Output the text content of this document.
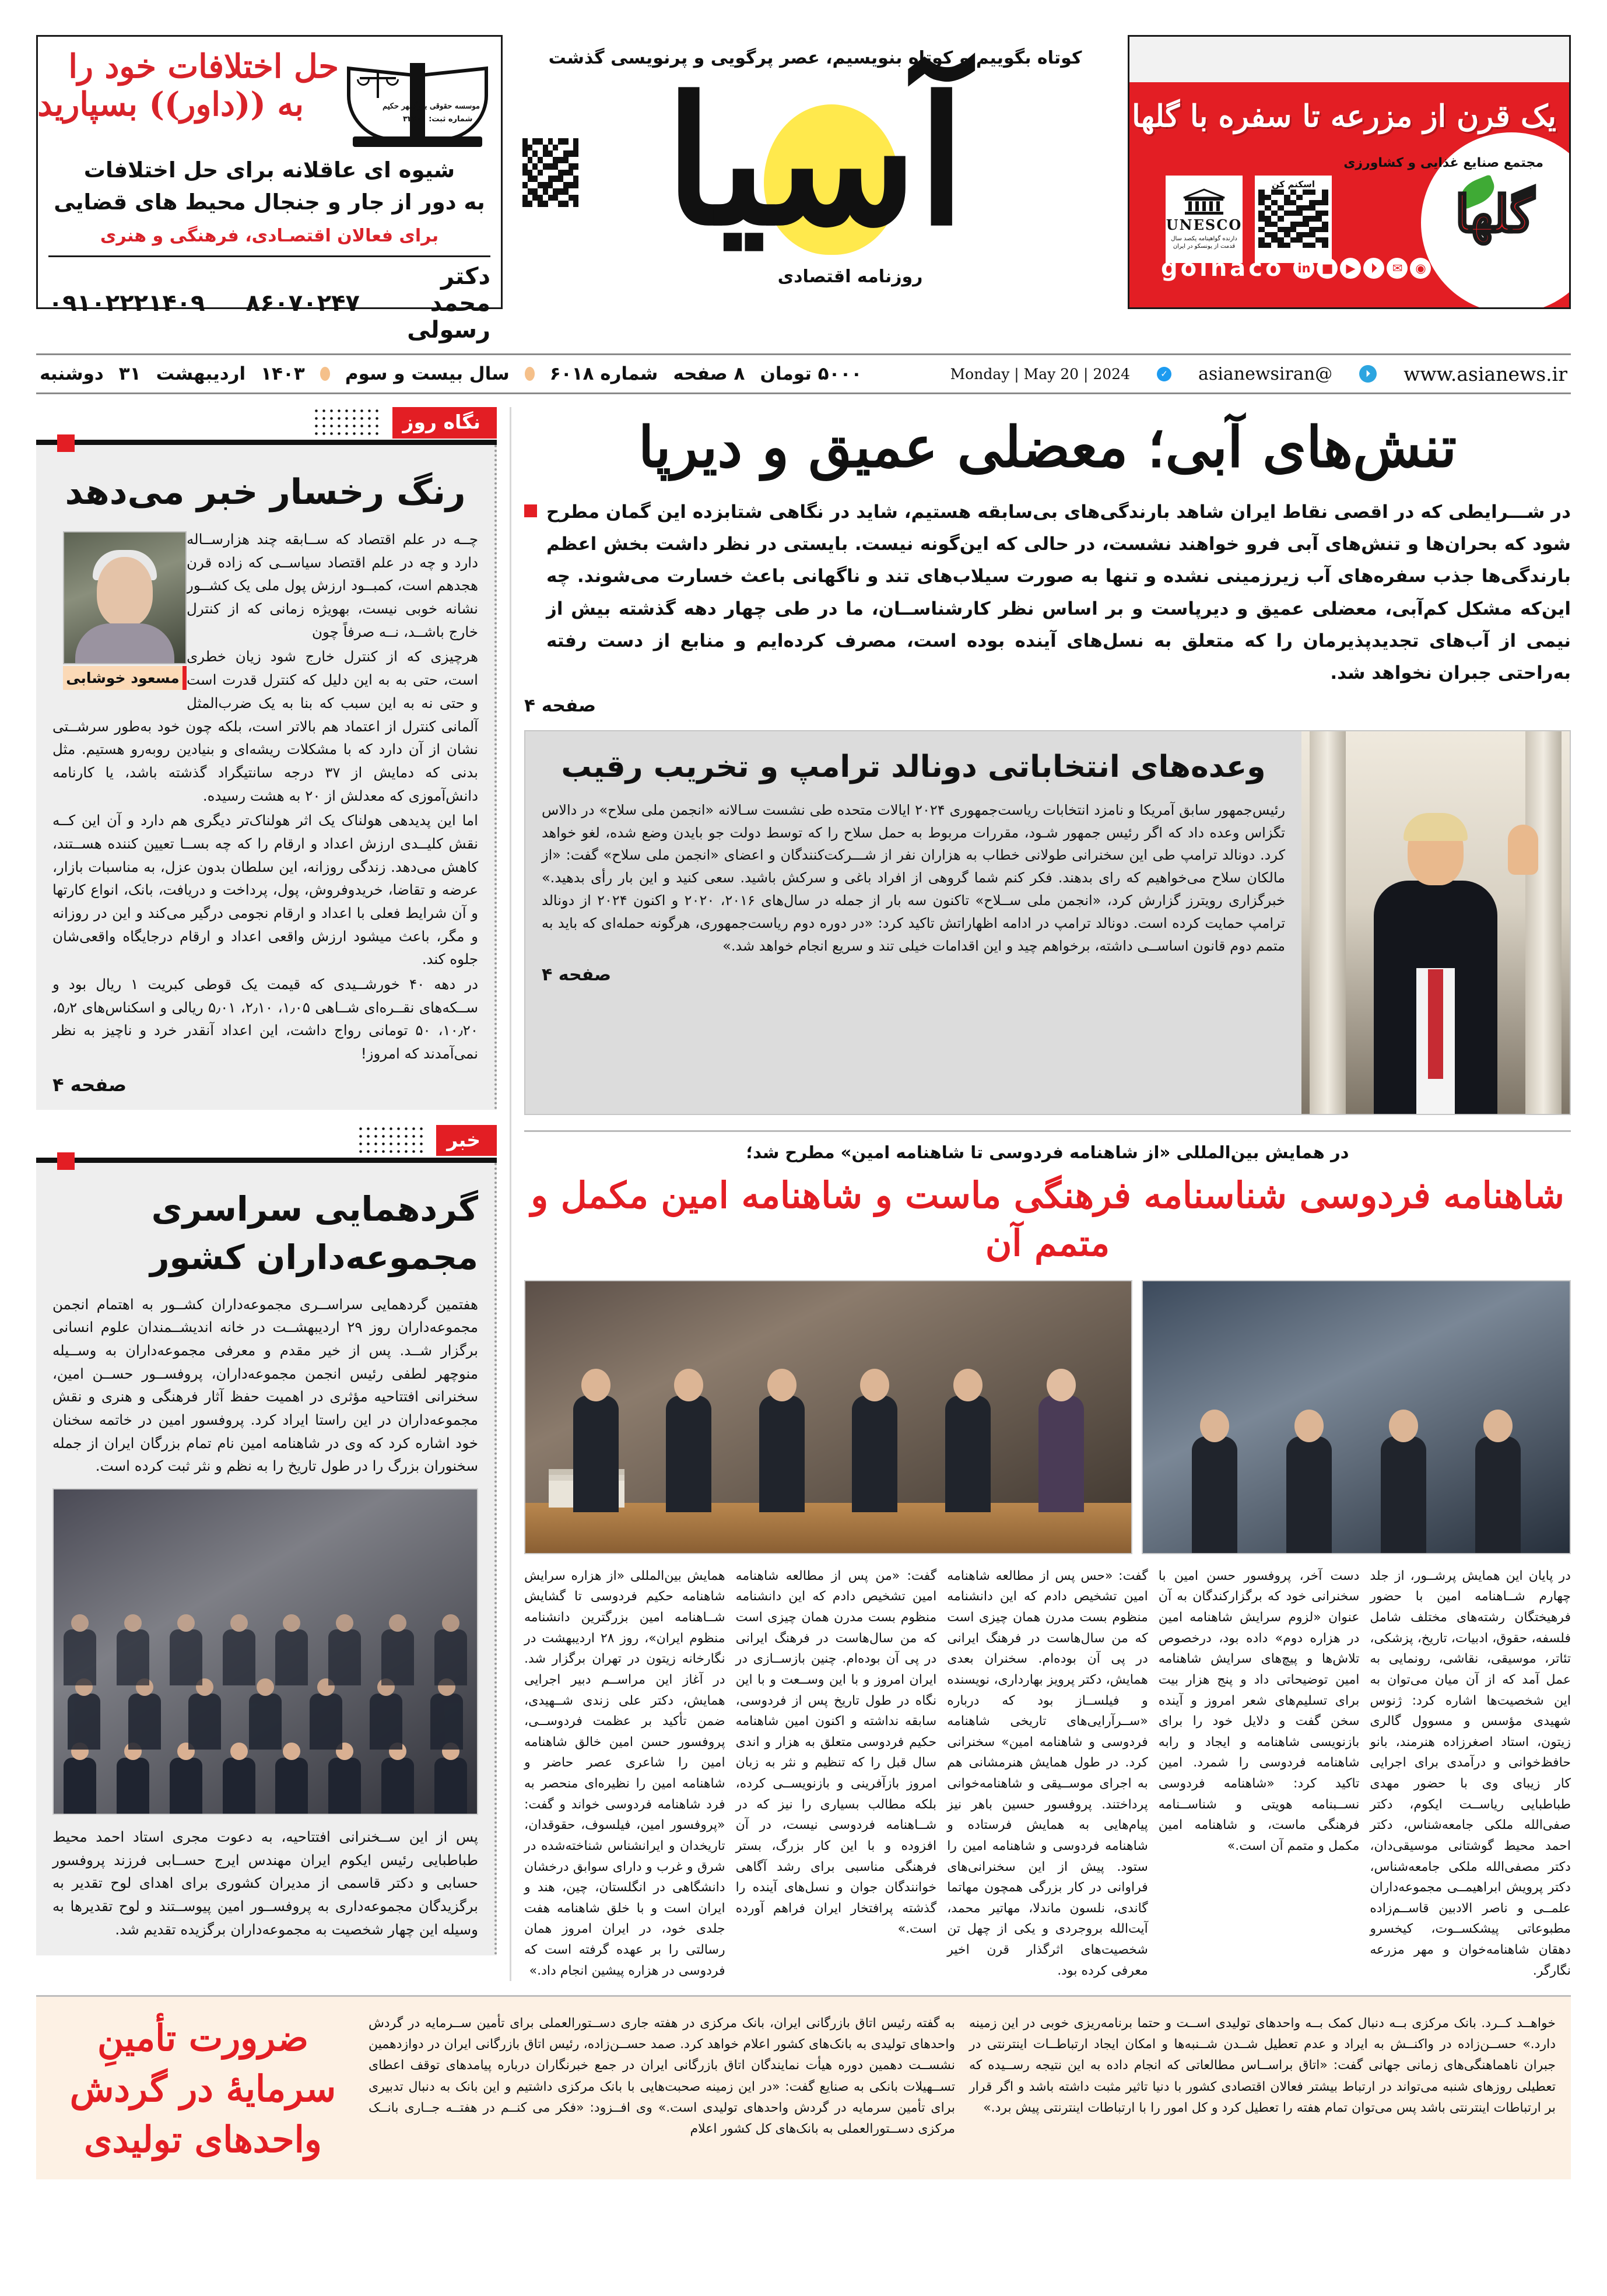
موسسه حقوقی بزرگمهر حکیم
شماره ثبت: ۳۲۶۰۱
حل اختلافات خود را
به ((داور)) بسپارید
شیوه ای عاقلانه برای حل اختلافات
به دور از جار و جنجال محیط های قضایی
برای فعالان اقتصـادی، فرهنگی و هنری
دکتر محمد رسولی
۸۶۰۷۰۲۴۷
۰۹۱۰۲۲۲۱۴۰۹
کوتاه بگوییم و کوتاه بنویسیم، عصر پرگویی و پرنویسی گذشت
آسیا
روزنامه اقتصادی
یک قرن از مزرعه تا سفره با گلها
مجتمع صنایع غذایی و کشاورزی
گلها
اسکنم کن
UNESCO
دارنده گواهینامه یکصد سال قدمت از یونسکو در ایران
◉
✉
⏵
▶
■
in
golhaco
دوشنبه ۳۱ اردیبهشت ۱۴۰۳ سال بیست و سوم شماره ۶۰۱۸ ۸ صفحه ۵۰۰۰ تومان	www.asianews.ir
⏵
@asianewsiran
✓
Monday | May 20 | 2024
نگاه روز
رنگ رخسار خبر می‌دهد
مسعود خوشابی

چــه در علم اقتصاد که ســابقه چند هزارســاله دارد و چه در علم اقتصاد سیاســی که زاده قرن هجدهم است، کمبــود ارزش پول ملی یک کشــور نشانه خوبی نیست، بهویژه زمانی که از کنترل خارج باشــد، نــه صرفاً چون

هرچیزی که از کنترل خارج شود زیان خطری است، حتی به به این دلیل که کنترل قدرت است و حتی نه به این سبب که بنا به یک ضرب‌المثل آلمانی کنترل از اعتماد هم بالاتر است، بلکه چون خود به‌طور سرشــتی نشان از آن دارد که با مشکلات ریشه‌ای و بنیادین روبه‌رو هستیم. مثل بدنی که دمایش از ۳۷ درجه سانتیگراد گذشته باشد، یا کارنامه دانش‌آموزی که معدلش از ۲۰ به هشت رسیده.

اما این پدیدهی هولناک یک اثر هولناک‌تر دیگری هم دارد و آن این کــه نقش کلیــدی ارزش اعداد و ارقام را که چه بســا تعیین کننده هســتند، کاهش می‌دهد. زندگی روزانه، این سلطان بدون عزل، به مناسبات بازار، عرضه و تقاضا، خریدوفروش، پول، پرداخت و دریافت، بانک، انواع کارتها و آن شرایط فعلی با اعداد و ارقام نجومی درگیر می‌کند و این در روزانه و مگر، باعث میشود ارزش واقعی اعداد و ارقام درجایگاه واقعی‌شان جلوه کند.

در دهه ۴۰ خورشــیدی که قیمت یک قوطی کبریت ۱ ریال بود و ســکه‌های نقــره‌ای شــاهی ۱٫۰۵، ۲٫۱۰، ۵٫۰۱ ریالی و اسکناس‌های ۵٫۲، ۱۰٫۲۰، ۵۰ تومانی رواج داشت، این اعداد آنقدر خرد و ناچیز به نظر نمی‌آمدند که امروز!

صفحه ۴
خبر
گردهمایی سراسری
مجموعه‌داران کشور
هفتمین گردهمایی سراســری مجموعه‌داران کشــور به اهتمام انجمن مجموعه‌داران روز ۲۹ اردیبهشــت در خانه اندیشــمندان علوم انسانی برگزار شــد. پس از خیر مقدم و معرفی مجموعه‌داران به وســیله منوچهر لطفی رئیس انجمن مجموعه‌داران، پروفســور حســن امین، سخنرانی افتتاحیه مؤثری در اهمیت حفظ آثار فرهنگی و هنری و نقش مجموعه‌داران در این راستا ایراد کرد. پروفسور امین در خاتمه سخنان خود اشاره کرد که وی در شاهنامه امین نام تمام بزرگان ایران از جمله سخنوران بزرگ را در طول تاریخ را به نظم و نثر ثبت کرده است.
پس از این ســخنرانی افتتاحیه، به دعوت مجری استاد احمد محیط طباطبایی رئیس ایکوم ایران مهندس ایرج حســابی فرزند پروفسور حسابی و دکتر قاسمی از مدیران کشوری برای اهدای لوح تقدیر به برگزیدگان مجموعه‌داری به پروفســور امین پیوســتند و لوح تقدیرها به وسیله این چهار شخصیت به مجموعه‌داران برگزیده تقدیم شد.
تنش‌های آبی؛ معضلی عمیق و دیرپا

در شـــرایطی که در اقصی نقاط ایران شاهد بارندگی‌های بی‌سابقه هستیم، شاید در نگاهی شتابزده این گمان مطرح شود که بحران‌ها و تنش‌های آبی فرو خواهند نشست، در حالی که این‌گونه نیست. بایستی در نظر داشت بخش اعظم بارندگی‌ها جذب سفره‌های آب زیرزمینی نشده و تنها به صورت سیلاب‌های تند و ناگهانی باعث خسارت می‌شوند. چه این‌که مشکل کم‌آبی، معضلی عمیق و دیرپاست و بر اساس نظر کارشناســان، ما در طی چهار دهه گذشته بیش از نیمی از آب‌های تجدیدپذیرمان را که متعلق به نسل‌های آینده بوده است، مصرف کرده‌ایم و منابع از دست رفته به‌راحتی جبران نخواهد شد.

صفحه ۴
وعده‌های انتخاباتی دونالد ترامپ و تخریب رقیب
رئیس‌جمهور سابق آمریکا و نامزد انتخابات ریاست‌جمهوری ۲۰۲۴ ایالات متحده طی نشست سـالانه «انجمن ملی سلاح» در دالاس تگزاس وعده داد که اگر رئیس جمهور شـود، مقررات مربوط به حمل سلاح را که توسط دولت جو بایدن وضع شده، لغو خواهد کرد. دونالد ترامپ طی این سخنرانی طولانی خطاب به هزاران نفر از شـــرکت‌کنندگان و اعضای «انجمن ملی سلاح» گفت: «از مالکان سلاح می‌خواهیم که رای بدهند. فکر کنم شما گروهی از افراد باغی و سرکش باشید. سعی کنید و این بار رأی بدهید.» خبرگزاری رویترز گزارش کرد، «انجمن ملی ســلاح» تاکنون سه بار از جمله در سال‌های ۲۰۱۶، ۲۰۲۰ و اکنون ۲۰۲۴ از دونالد ترامپ حمایت کرده است. دونالد ترامپ در ادامه اظهاراتش تاکید کرد: «در دوره دوم ریاست‌جمهوری، هرگونه حمله‌ای که باید به متمم دوم قانون اساســی داشته، برخواهم چید و این اقدامات خیلی تند و سریع انجام خواهد شد.»
صفحه ۴
در همایش بین‌المللی «از شاهنامه فردوسی تا شاهنامه امین» مطرح شد؛
شاهنامه فردوسی شناسنامه فرهنگی ماست و شاهنامه امین مکمل و متمم آن
همایش بین‌المللی «از هزاره سرایش شاهنامه حکیم فردوسی تا گشایش شــاهنامه امین بزرگترین دانشنامه منظوم ایران»، روز ۲۸ اردیبهشت در نگارخانه زیتون در تهران برگزار شد. در آغاز این مراســم دبیر اجرایی همایش، دکتر علی زندی شــهیدی، ضمن تأکید بر عظمت فردوســی، پروفسور حسن امین خالق شاهنامه امین را شاعری عصر حاضر و شاهنامه امین را نظیره‌ای منحصر به فرد شاهنامه فردوسی خواند و گفت: «پروفسور امین، فیلسوف، حقوقدان، تاریخدان و ایرانشناس شناخته‌شده در شرق و غرب و دارای سوابق درخشان دانشگاهی در انگلستان، چین، هند و ایران است و با خلق شاهنامه هفت جلدی خود، در ایران امروز همان رسالتی را بر عهده گرفته است که فردوسی در هزاره پیشین انجام داد.»
گفت: «من پس از مطالعه شاهنامه امین تشخیص دادم که این دانشنامه منظوم بست مدرن همان چیزی است که من سال‌هاست در فرهنگ ایرانی در پی آن بوده‌ام. چنین بازســازی در ایران امروز و با این وســعت و با این نگاه در طول تاریخ پس از فردوسی، سابقه نداشته و اکنون امین شاهنامه حکیم فردوسی متعلق به هزار و اندی سال قبل را که تنظیم و نثر به زبان امروز بازآفرینی و بازنویســی کرده، بلکه مطالب بسیاری را نیز که در شــاهنامه فردوسی نیست، در آن افزوده و با این کار بزرگ، بستر فرهنگی مناسبی برای رشد آگاهی خوانندگان جوان و نسل‌های آینده را گذشته پرافتخار ایران فراهم آورده است.»
گفت: «حس پس از مطالعه شاهنامه امین تشخیص دادم که این دانشنامه منظوم بست مدرن همان چیزی است که من سال‌هاست در فرهنگ ایرانی در پی آن بوده‌ام. سخنران بعدی همایش، دکتر پرویز بهارداری، نویسنده و فیلســاز بود که درباره «ســرآرایی‌های تاریخی شاهنامه فردوسی و شاهنامه امین» سخنرانی کرد. در طول همایش هنرمشانی هم به اجرای موســیقی و شاهنامه‌خوانی پرداختند. پروفسور حسین باهر نیز پیام‌هایی به همایش فرستاده و شاهنامه فردوسی و شاهنامه امین را ستود. پیش از این سخنرانی‌های فراوانی در کار بزرگی همچون مهاتما گاندی، نلسون ماندلا، مهاتیر محمد، آیت‌الله بروجردی و یکی از چهل تن شخصیت‌های اثرگذار قرن اخیر معرفی کرده بود.
دست آخر، پروفسور حسن امین با سخنرانی خود که برگزارکندگان به آن عنوان «لزوم سرایش شاهنامه امین در هزاره دوم» داده بود، درخصوص تلاش‌ها و پیچ‌های سرایش شاهنامه امین توضیحاتی داد و پنج هزار بیت برای تسلیم‌های شعر امروز و آینده سخن گفت و دلایل خود را برای بازنویسی شاهنامه و ایجاد و رابه شاهنامه فردوسی را شمرد. امین تاکید کرد: «شاهنامه فردوسی نســبنامه هویتی و شناســنامه فرهنگی ماست، و شاهنامه امین مکمل و متمم آن است.»
در پایان این همایش پرشــور، از جلد چهارم شــاهنامه امین با حضور فرهیختگان رشته‌های مختلف شامل فلسفه، حقوق، ادبیات، تاریخ، پزشکی، تئاتر، موسیقی، نقاشی، رونمایی به عمل آمد که از آن میان می‌توان به این شخصیت‌ها اشاره کرد: ژنوس شهیدی مؤسس و مسوول گالری زیتون، استاد اصغرزاده هنرمند، بانو حافظ‌خوانی و درآمدی برای اجرایی کار زیبای وی با حضور مهدی طباطبایی ریاســت ایکوم، دکتر صفی‌الله ملکی جامعه‌شناس، دکتر احمد محیط گوشتانی موسیقی‌دان، دکتر مصفی‌الله ملکی جامعه‌شناس، دکتر پرویش ابراهیمــی مجموعه‌داران علمــی و ناصر الادبین قاســم‌زاده مطبوعاتی پیشکســوت، کیخسرو دهقان شاهنامه‌خوان و مهر مزرعه نگارگر.
ضرورت تأمینِ
سرمایهٔ در گردش
واحدهای تولیدی
به گفته رئیس اتاق بازرگانی ایران، بانک مرکزی در هفته جاری دســتورالعملی برای تأمین ســرمایه در گردش واحدهای تولیدی به بانک‌های کشور اعلام خواهد کرد. صمد حســن‌زاده، رئیس اتاق بازرگانی ایران در دوازدهمین نشســت دهمین دوره هیأت نمایندگان اتاق بازرگانی ایران در جمع خبرنگاران درباره پیامدهای توقف اعطای تســهیلات بانکی به صنایع گفت: «در این زمینه صحبت‌هایی با بانک مرکزی داشتیم و این بانک به دنبال تدبیری برای تأمین سرمایه در گردش واحدهای تولیدی است.» وی افــزود: «فکر می کنــم در هفتــه جــاری بانــک مرکزی دســتورالعملی به بانک‌های کل کشور اعلام
خواهــد کــرد. بانک مرکزی بــه دنبال کمک بــه واحدهای تولیدی اســت و حتما برنامه‌ریزی خوبی در این زمینه دارد.» حســن‌زاده در واکنــش به ایراد و عدم تعطیل شــدن شــنبه‌ها و امکان ایجاد ارتباطــات اینترنتی در جبران ناهماهنگی‌های زمانی جهانی گفت: «اتاق براســاس مطالعاتی که انجام داده به این نتیجه رســیده که تعطیلی روزهای شنبه می‌تواند در ارتباط بیشتر فعالان اقتصادی کشور با دنیا تاثیر مثبت داشته باشد و اگر قرار بر ارتباطات اینترنتی باشد پس می‌توان تمام هفته را تعطیل کرد و کل امور را با ارتباطات اینترنتی پیش برد.»
